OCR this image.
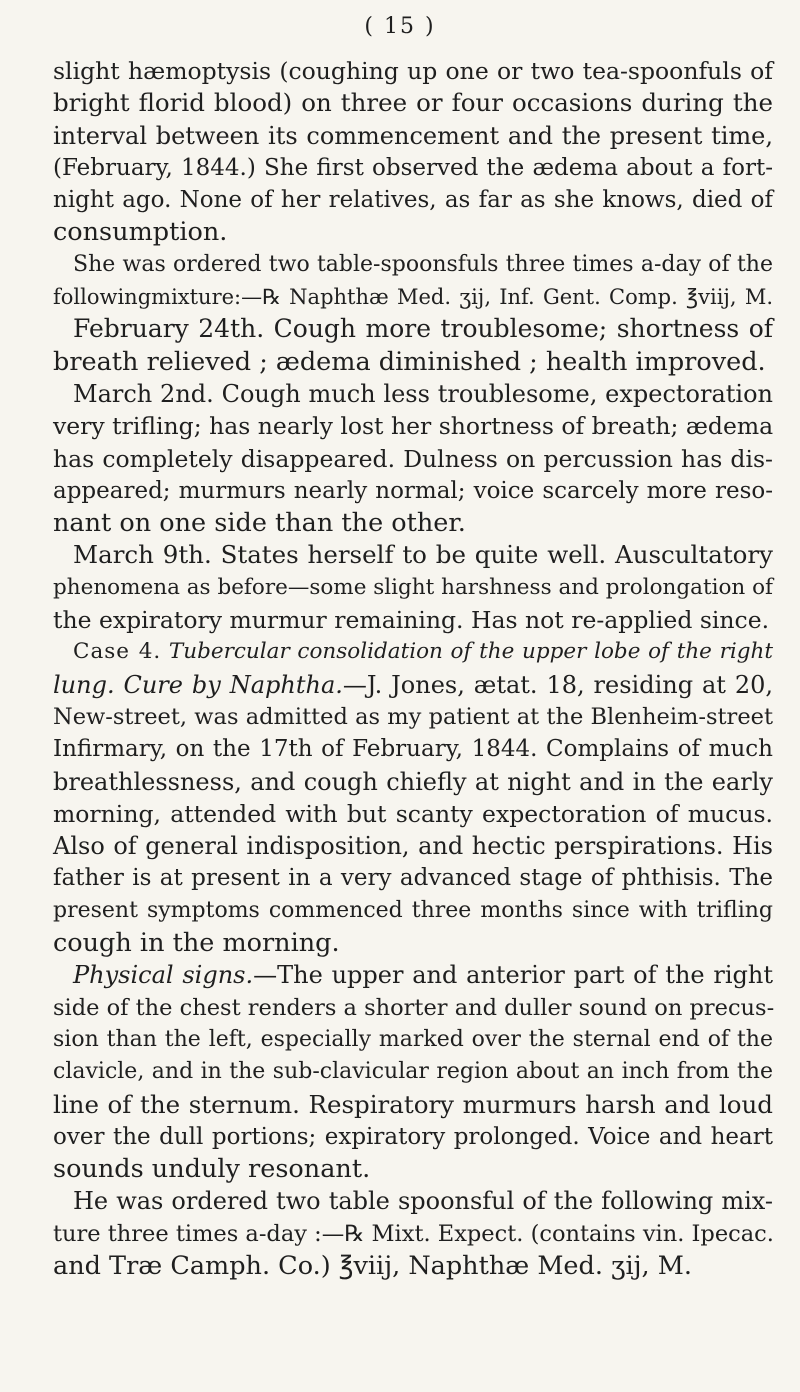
( 15 )
slight hæmoptysis (coughing up one or two tea-spoonfuls of
bright florid blood) on three or four occasions during the
interval between its commencement and the present time,
(February, 1844.) She first observed the ædema about a fort-
night ago. None of her relatives, as far as she knows, died of
consumption.
She was ordered two table-spoonsfuls three times a-day of the
followingmixture:—℞ Naphthæ Med. ʒij, Inf. Gent. Comp. ℥viij, M.
February 24th. Cough more troublesome; shortness of
breath relieved ; ædema diminished ; health improved.
March 2nd. Cough much less troublesome, expectoration
very trifling; has nearly lost her shortness of breath; ædema
has completely disappeared. Dulness on percussion has dis-
appeared; murmurs nearly normal; voice scarcely more reso-
nant on one side than the other.
March 9th. States herself to be quite well. Auscultatory
phenomena as before—some slight harshness and prolongation of
the expiratory murmur remaining. Has not re-applied since.
Case 4. Tubercular consolidation of the upper lobe of the right
lung. Cure by Naphtha.—J. Jones, ætat. 18, residing at 20,
New-street, was admitted as my patient at the Blenheim-street
Infirmary, on the 17th of February, 1844. Complains of much
breathlessness, and cough chiefly at night and in the early
morning, attended with but scanty expectoration of mucus.
Also of general indisposition, and hectic perspirations. His
father is at present in a very advanced stage of phthisis. The
present symptoms commenced three months since with trifling
cough in the morning.
Physical signs.—The upper and anterior part of the right
side of the chest renders a shorter and duller sound on precus-
sion than the left, especially marked over the sternal end of the
clavicle, and in the sub-clavicular region about an inch from the
line of the sternum. Respiratory murmurs harsh and loud
over the dull portions; expiratory prolonged. Voice and heart
sounds unduly resonant.
He was ordered two table spoonsful of the following mix-
ture three times a-day :—℞ Mixt. Expect. (contains vin. Ipecac.
and Træ Camph. Co.) ℥viij, Naphthæ Med. ʒij, M.
